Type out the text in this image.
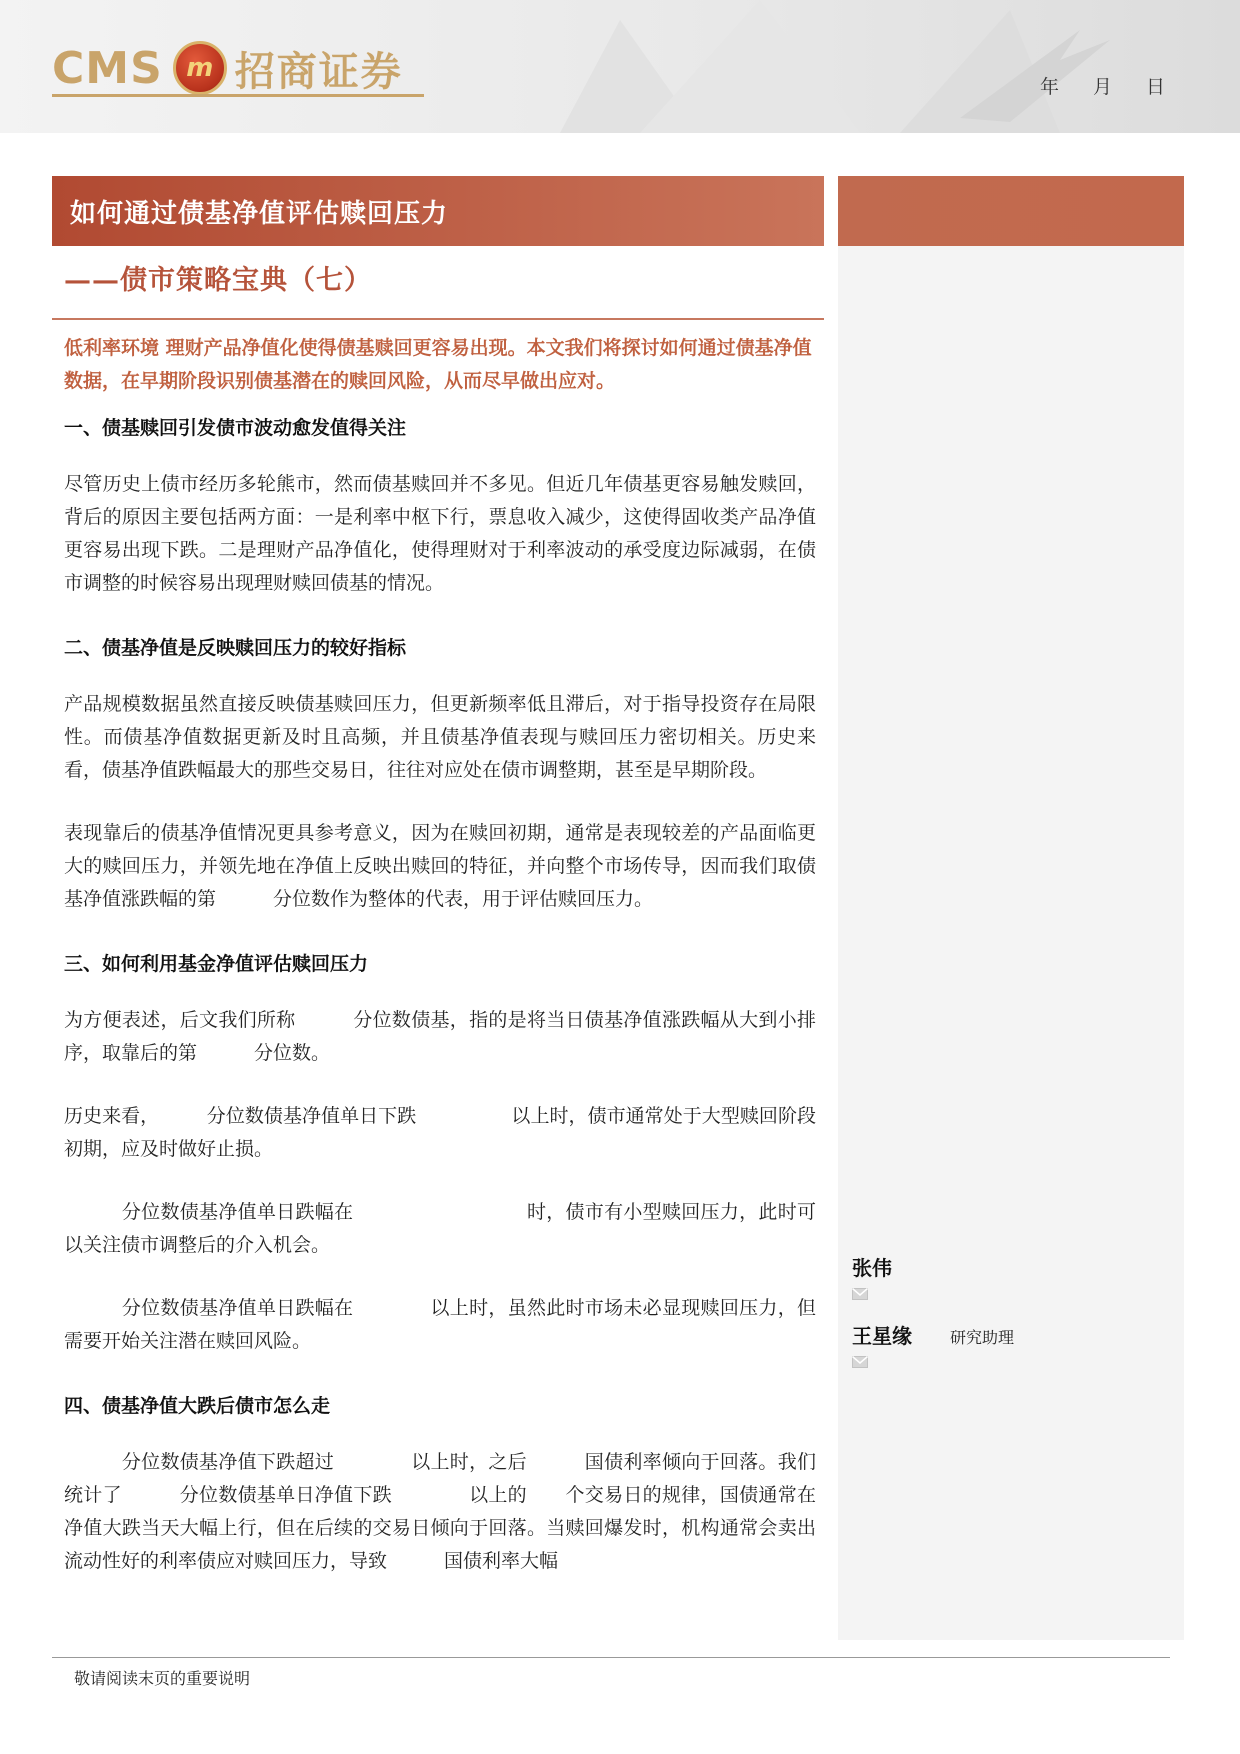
CMS m 招商证券	年 月 日
如何通过债基净值评估赎回压力
——债市策略宝典（七）
低利率环境 理财产品净值化使得债基赎回更容易出现。本文我们将探讨如何通过债基净值数据，在早期阶段识别债基潜在的赎回风险，从而尽早做出应对。

一、债基赎回引发债市波动愈发值得关注

尽管历史上债市经历多轮熊市，然而债基赎回并不多见。但近几年债基更容易触发赎回，背后的原因主要包括两方面：一是利率中枢下行，票息收入减少，这使得固收类产品净值更容易出现下跌。二是理财产品净值化，使得理财对于利率波动的承受度边际减弱，在债市调整的时候容易出现理财赎回债基的情况。

二、债基净值是反映赎回压力的较好指标

产品规模数据虽然直接反映债基赎回压力，但更新频率低且滞后，对于指导投资存在局限性。而债基净值数据更新及时且高频，并且债基净值表现与赎回压力密切相关。历史来看，债基净值跌幅最大的那些交易日，往往对应处在债市调整期，甚至是早期阶段。

表现靠后的债基净值情况更具参考意义，因为在赎回初期，通常是表现较差的产品面临更大的赎回压力，并领先地在净值上反映出赎回的特征，并向整个市场传导，因而我们取债基净值涨跌幅的第　　　分位数作为整体的代表，用于评估赎回压力。

三、如何利用基金净值评估赎回压力

为方便表述，后文我们所称　　　分位数债基，指的是将当日债基净值涨跌幅从大到小排序，取靠后的第　　　分位数。

历史来看，　　　分位数债基净值单日下跌　　　　　以上时，债市通常处于大型赎回阶段初期，应及时做好止损。

　　　分位数债基净值单日跌幅在　　　　　　　　　时，债市有小型赎回压力，此时可以关注债市调整后的介入机会。

　　　分位数债基净值单日跌幅在　　　　以上时，虽然此时市场未必显现赎回压力，但需要开始关注潜在赎回风险。

四、债基净值大跌后债市怎么走

　　　分位数债基净值下跌超过　　　　以上时，之后　　　国债利率倾向于回落。我们统计了　　　分位数债基单日净值下跌　　　　以上的　　个交易日的规律，国债通常在净值大跌当天大幅上行，但在后续的交易日倾向于回落。当赎回爆发时，机构通常会卖出流动性好的利率债应对赎回压力，导致　　　国债利率大幅

张伟
王星缘 研究助理
敬请阅读末页的重要说明
